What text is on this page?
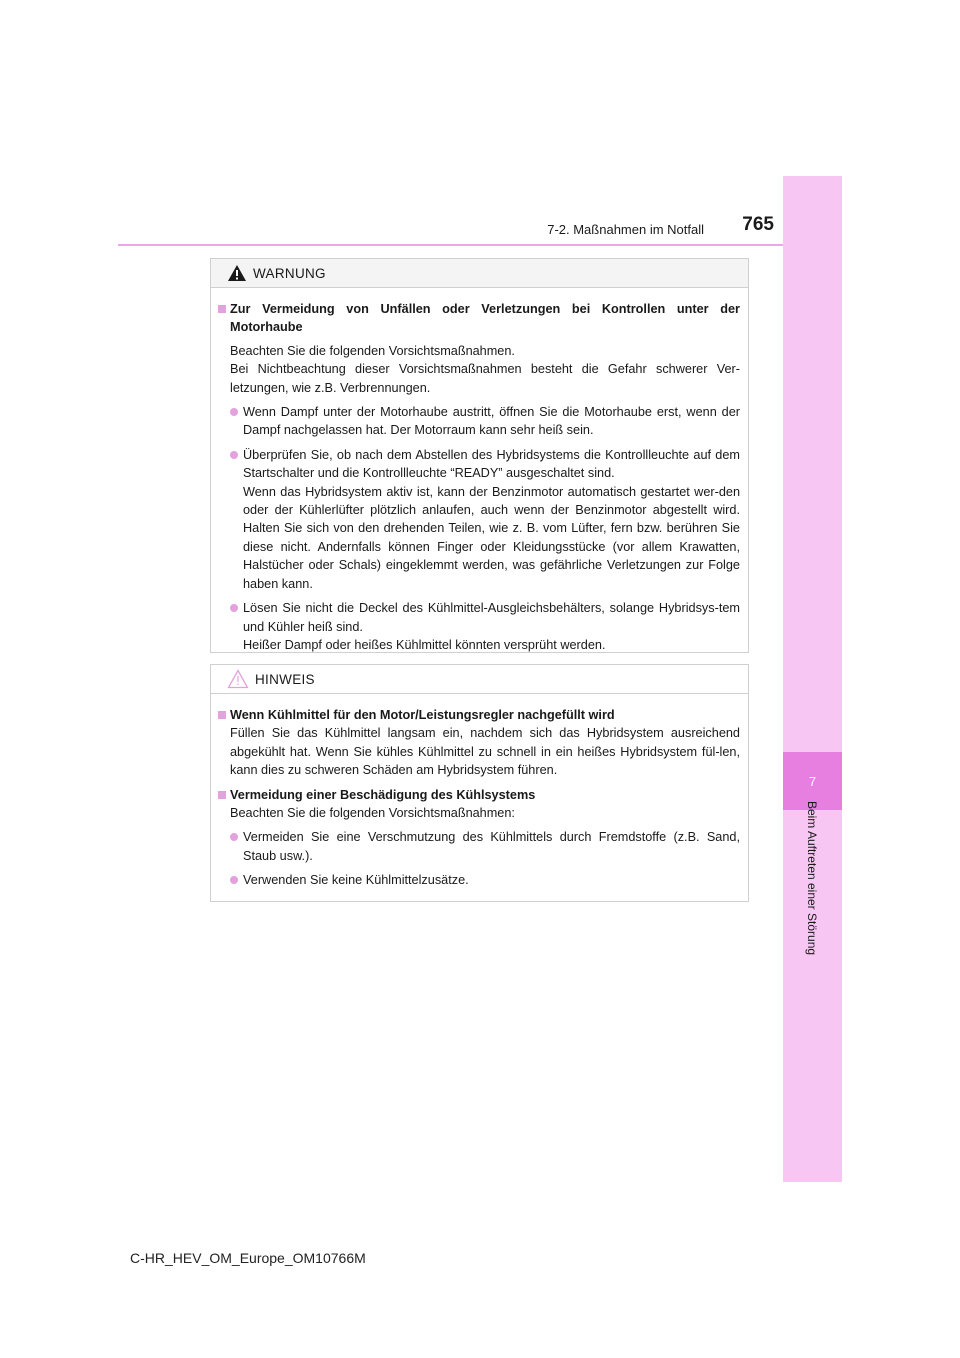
7
Beim Auftreten einer Störung
7-2. Maßnahmen im Notfall	765
WARNUNG
Zur Vermeidung von Unfällen oder Verletzungen bei Kontrollen unter der Motorhaube
Beachten Sie die folgenden Vorsichtsmaßnahmen.
Bei Nichtbeachtung dieser Vorsichtsmaßnahmen besteht die Gefahr schwerer Ver-letzungen, wie z.B. Verbrennungen.
Wenn Dampf unter der Motorhaube austritt, öffnen Sie die Motorhaube erst, wenn der Dampf nachgelassen hat. Der Motorraum kann sehr heiß sein.
Überprüfen Sie, ob nach dem Abstellen des Hybridsystems die Kontrollleuchte auf dem Startschalter und die Kontrollleuchte “READY” ausgeschaltet sind.
Wenn das Hybridsystem aktiv ist, kann der Benzinmotor automatisch gestartet wer-den oder der Kühlerlüfter plötzlich anlaufen, auch wenn der Benzinmotor abgestellt wird. Halten Sie sich von den drehenden Teilen, wie z. B. vom Lüfter, fern bzw. berühren Sie diese nicht. Andernfalls können Finger oder Kleidungsstücke (vor allem Krawatten, Halstücher oder Schals) eingeklemmt werden, was gefährliche Verletzungen zur Folge haben kann.
Lösen Sie nicht die Deckel des Kühlmittel-Ausgleichsbehälters, solange Hybridsys-tem und Kühler heiß sind.
Heißer Dampf oder heißes Kühlmittel könnten versprüht werden.
HINWEIS
Wenn Kühlmittel für den Motor/Leistungsregler nachgefüllt wird
Füllen Sie das Kühlmittel langsam ein, nachdem sich das Hybridsystem ausreichend abgekühlt hat. Wenn Sie kühles Kühlmittel zu schnell in ein heißes Hybridsystem fül-len, kann dies zu schweren Schäden am Hybridsystem führen.
Vermeidung einer Beschädigung des Kühlsystems
Beachten Sie die folgenden Vorsichtsmaßnahmen:
Vermeiden Sie eine Verschmutzung des Kühlmittels durch Fremdstoffe (z.B. Sand, Staub usw.).
Verwenden Sie keine Kühlmittelzusätze.
C-HR_HEV_OM_Europe_OM10766M
